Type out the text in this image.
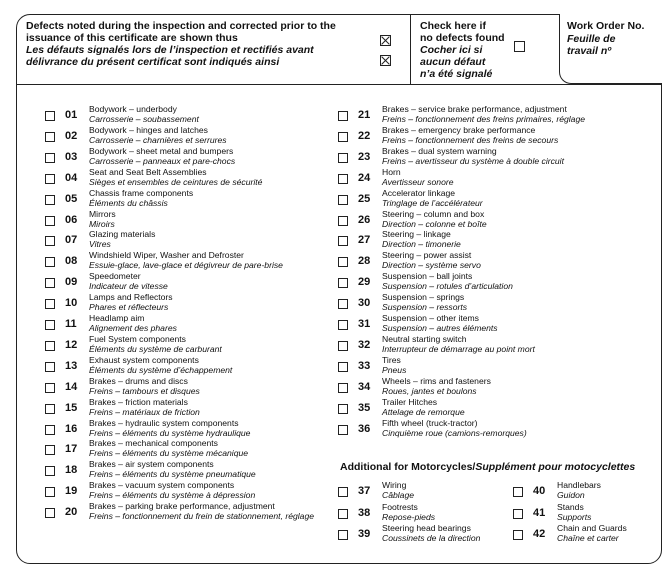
Defects noted during the inspection and corrected prior to the
issuance of this certificate are shown thus
Les défauts signalés lors de l’inspection et rectifiés avant
délivrance du présent certificat sont indiqués ainsi
Check here if
no defects found
Cocher ici si
aucun défaut
n’a été signalé
Work Order No.
Feuille de
travail nº
01 Bodywork – underbody
Carrosserie – soubassement
02 Bodywork – hinges and latches
Carrosserie – charnières et serrures
03 Bodywork – sheet metal and bumpers
Carrosserie – panneaux et pare-chocs
04 Seat and Seat Belt Assemblies
Sièges et ensembles de ceintures de sécurité
05 Chassis frame components
Éléments du châssis
06 Mirrors
Miroirs
07 Glazing materials
Vitres
08 Windshield Wiper, Washer and Defroster
Essuie-glace, lave-glace et dégivreur de pare-brise
09 Speedometer
Indicateur de vitesse
10 Lamps and Reflectors
Phares et réflecteurs
11 Headlamp aim
Alignement des phares
12 Fuel System components
Éléments du système de carburant
13 Exhaust system components
Éléments du système d’échappement
14 Brakes – drums and discs
Freins – tambours et disques
15 Brakes – friction materials
Freins – matériaux de friction
16 Brakes – hydraulic system components
Freins – éléments du système hydraulique
17 Brakes – mechanical components
Freins – éléments du système mécanique
18 Brakes – air system components
Freins – éléments du système pneumatique
19 Brakes – vacuum system components
Freins – éléments du système à dépression
20 Brakes – parking brake performance, adjustment
Freins – fonctionnement du frein de stationnement, réglage
21 Brakes – service brake performance, adjustment
Freins – fonctionnement des freins primaires, réglage
22 Brakes – emergency brake performance
Freins – fonctionnement des freins de secours
23 Brakes – dual system warning
Freins – avertisseur du système à double circuit
24 Horn
Avertisseur sonore
25 Accelerator linkage
Tringlage de l’accélérateur
26 Steering – column and box
Direction – colonne et boîte
27 Steering – linkage
Direction – timonerie
28 Steering – power assist
Direction – système servo
29 Suspension – ball joints
Suspension – rotules d’articulation
30 Suspension – springs
Suspension – ressorts
31 Suspension – other items
Suspension – autres éléments
32 Neutral starting switch
Interrupteur de démarrage au point mort
33 Tires
Pneus
34 Wheels – rims and fasteners
Roues, jantes et boulons
35 Trailer Hitches
Attelage de remorque
36 Fifth wheel (truck-tractor)
Cinquième roue (camions-remorques)
Additional for Motorcycles/Supplément pour motocyclettes
37 Wiring
Câblage
38 Footrests
Repose-pieds
39 Steering head bearings
Coussinets de la direction
40 Handlebars
Guidon
41 Stands
Supports
42 Chain and Guards
Chaîne et carter
